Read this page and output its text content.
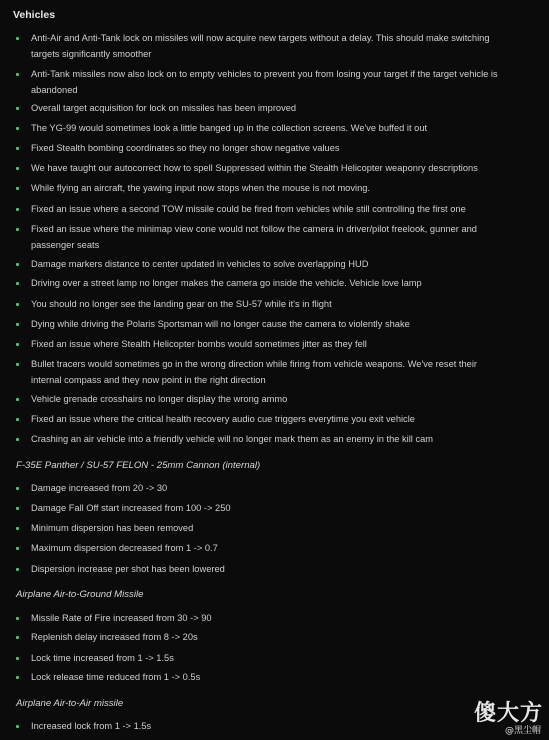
Vehicles
Anti-Air and Anti-Tank lock on missiles will now acquire new targets without a delay. This should make switching targets significantly smoother
Anti-Tank missiles now also lock on to empty vehicles to prevent you from losing your target if the target vehicle is abandoned
Overall target acquisition for lock on missiles has been improved
The YG-99 would sometimes look a little banged up in the collection screens. We've buffed it out
Fixed Stealth bombing coordinates so they no longer show negative values
We have taught our autocorrect how to spell Suppressed within the Stealth Helicopter weaponry descriptions
While flying an aircraft, the yawing input now stops when the mouse is not moving.
Fixed an issue where a second TOW missile could be fired from vehicles while still controlling the first one
Fixed an issue where the minimap view cone would not follow the camera in driver/pilot freelook, gunner and passenger seats
Damage markers distance to center updated in vehicles to solve overlapping HUD
Driving over a street lamp no longer makes the camera go inside the vehicle. Vehicle love lamp
You should no longer see the landing gear on the SU-57 while it's in flight
Dying while driving the Polaris Sportsman will no longer cause the camera to violently shake
Fixed an issue where Stealth Helicopter bombs would sometimes jitter as they fell
Bullet tracers would sometimes go in the wrong direction while firing from vehicle weapons. We've reset their internal compass and they now point in the right direction
Vehicle grenade crosshairs no longer display the wrong ammo
Fixed an issue where the critical health recovery audio cue triggers everytime you exit vehicle
Crashing an air vehicle into a friendly vehicle will no longer mark them as an enemy in the kill cam
F-35E Panther / SU-57 FELON - 25mm Cannon (internal)
Damage increased from 20 -> 30
Damage Fall Off start increased from 100 -> 250
Minimum dispersion has been removed
Maximum dispersion decreased from 1 -> 0.7
Dispersion increase per shot has been lowered
Airplane Air-to-Ground Missile
Missile Rate of Fire increased from 30 -> 90
Replenish delay increased from 8 -> 20s
Lock time increased from 1 -> 1.5s
Lock release time reduced from 1 -> 0.5s
Airplane Air-to-Air missile
Increased lock from 1 -> 1.5s	傻大方
@黑尘帽
